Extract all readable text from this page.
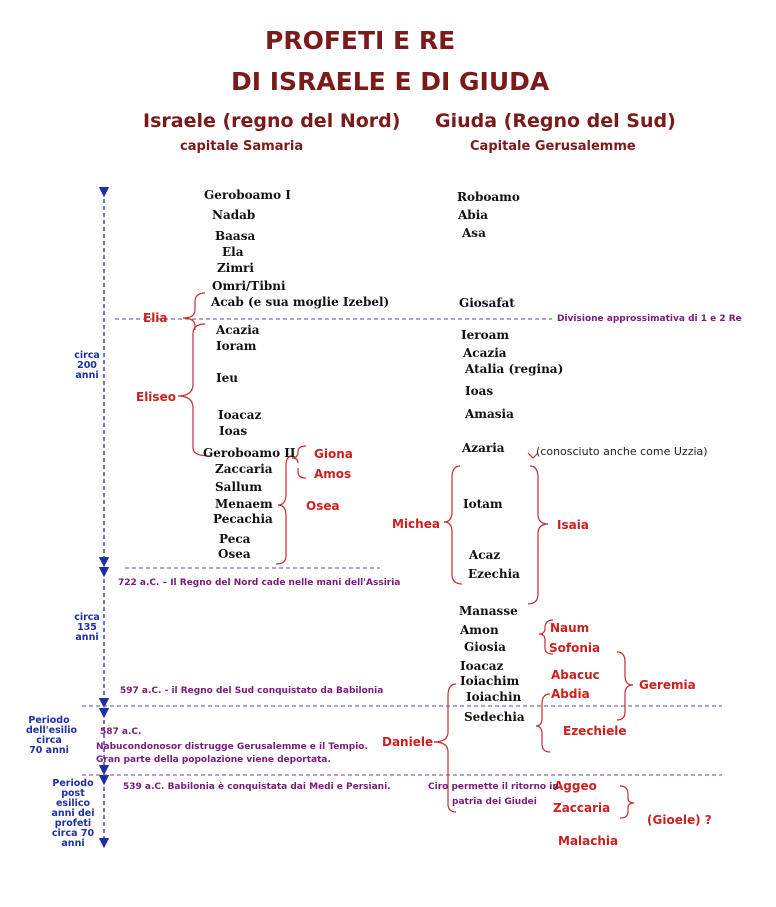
PROFETI E RE
DI ISRAELE E DI GIUDA
Israele (regno del Nord) Giuda (Regno del Sud)
capitale Samaria	Capitale Gerusalemme
Geroboamo I
Nadab
Baasa
Ela
Zimri
Omri/Tibni
Acab (e sua moglie Izebel)
Acazia
Ioram
Ieu
Ioacaz
Ioas
Geroboamo II
Zaccaria
Sallum
Menaem
Pecachia
Peca
Osea
Elia
Eliseo
Giona
Amos
Osea
Roboamo
Abia
Asa
Giosafat
Ieroam
Acazia
Atalia (regina)
Ioas
Amasia
Azaria	(conosciuto anche come Uzzia)
Iotam
Acaz
Ezechia
Manasse
Amon
Giosia
Ioacaz
Ioiachim
Ioiachin
Sedechia
Michea	Isaia
Naum
Sofonia
Abacuc
Abdia
Geremia
Daniele
Ezechiele
Aggeo
Zaccaria
(Gioele) ?
Malachia
circa
200
anni
circa
135
anni
Periodo
dell'esilio
circa
70 anni
Periodo
post
esilico
anni dei
profeti
circa 70
anni
Divisione approssimativa di 1 e 2 Re
722 a.C. – Il Regno del Nord cade nelle mani dell'Assiria
597 a.C. - il Regno del Sud conquistato da Babilonia
587 a.C.
Nabucondonosor distrugge Gerusalemme e il Tempio.
Gran parte della popolazione viene deportata.
539 a.C. Babilonia è conquistata dai Medi e Persiani.	Ciro permette il ritorno in
patria dei Giudei
